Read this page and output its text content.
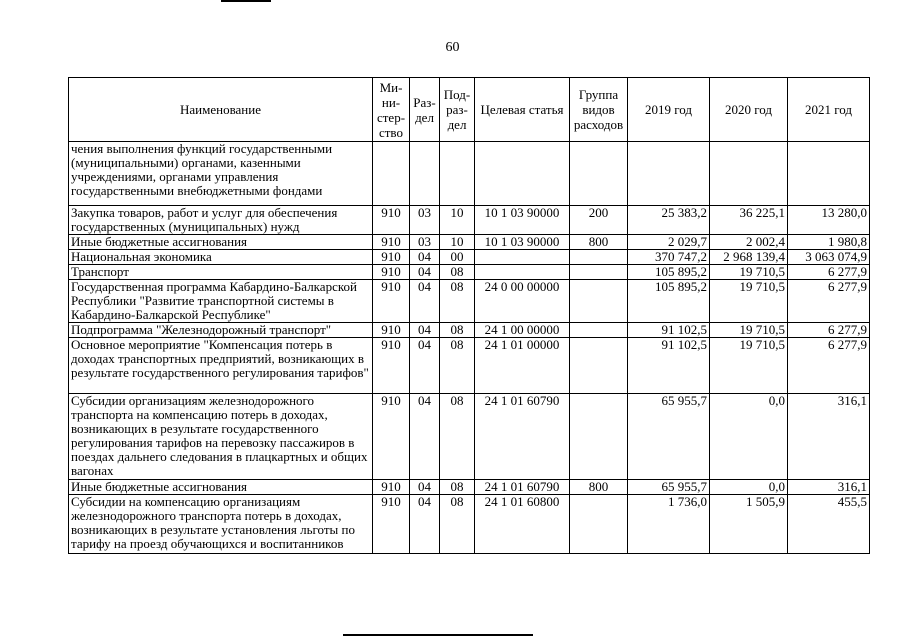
60
Наименование	Ми-ни-стер-ство	Раз-дел	Под-раз-дел	Целевая статья	Группа видов расходов	2019 год	2020 год	2021 год
чения выполнения функций государственными (муниципальными) органами, казенными учреждениями, органами управления государственными внебюджетными фондами								
Закупка товаров, работ и услуг для обеспечения государственных (муниципальных) нужд	910	03	10	10 1 03 90000	200	25 383,2	36 225,1	13 280,0
Иные бюджетные ассигнования	910	03	10	10 1 03 90000	800	2 029,7	2 002,4	1 980,8
Национальная экономика	910	04	00			370 747,2	2 968 139,4	3 063 074,9
Транспорт	910	04	08			105 895,2	19 710,5	6 277,9
Государственная программа Кабардино-Балкарской Республики "Развитие транспортной системы в Кабардино-Балкарской Республике"	910	04	08	24 0 00 00000		105 895,2	19 710,5	6 277,9
Подпрограмма "Железнодорожный транспорт"	910	04	08	24 1 00 00000		91 102,5	19 710,5	6 277,9
Основное мероприятие "Компенсация потерь в доходах транспортных предприятий, возникающих в результате государственного регулирования тарифов"	910	04	08	24 1 01 00000		91 102,5	19 710,5	6 277,9
Субсидии организациям железнодорожного транспорта на компенсацию потерь в доходах, возникающих в результате государственного регулирования тарифов на перевозку пассажиров в поездах дальнего следования в плацкартных и общих вагонах	910	04	08	24 1 01 60790		65 955,7	0,0	316,1
Иные бюджетные ассигнования	910	04	08	24 1 01 60790	800	65 955,7	0,0	316,1
Субсидии на компенсацию организациям железнодорожного транспорта потерь в доходах, возникающих в результате установления льготы по тарифу на проезд обучающихся и воспитанников	910	04	08	24 1 01 60800		1 736,0	1 505,9	455,5
